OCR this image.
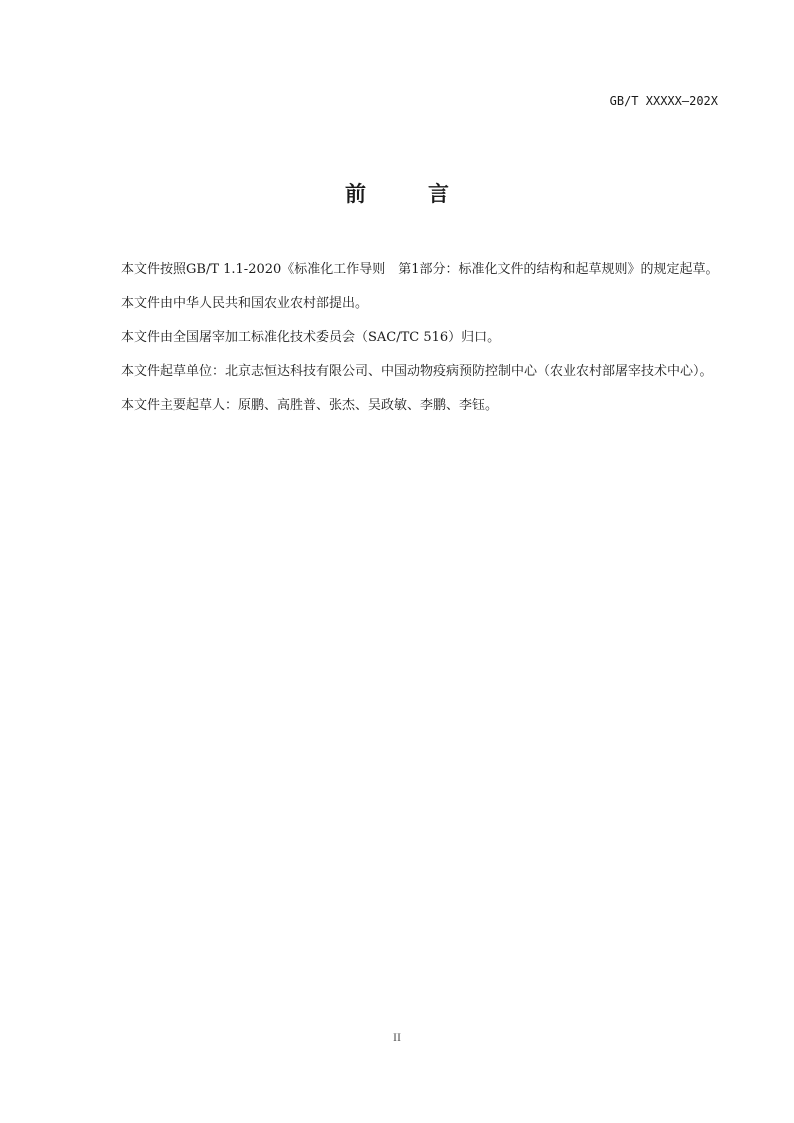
GB/T XXXXX—202X
前 言

本文件按照GB/T 1.1-2020《标准化工作导则　第1部分：标准化文件的结构和起草规则》的规定起草。

本文件由中华人民共和国农业农村部提出。

本文件由全国屠宰加工标准化技术委员会（SAC/TC 516）归口。

本文件起草单位：北京志恒达科技有限公司、中国动物疫病预防控制中心（农业农村部屠宰技术中心）。

本文件主要起草人：原鹏、高胜普、张杰、吴政敏、李鹏、李钰。

II
